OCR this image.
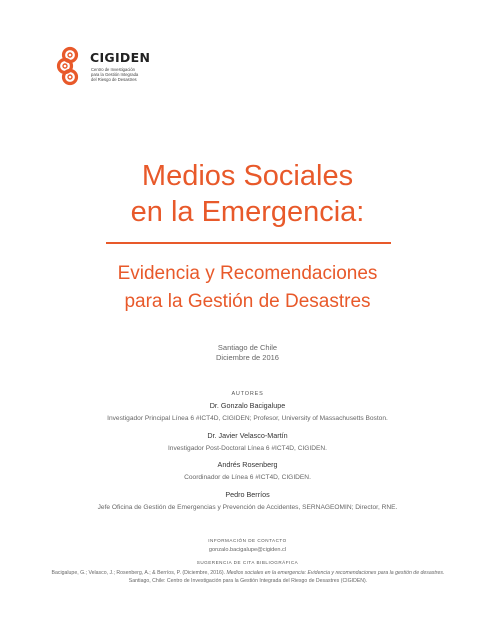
CIGIDEN
Centro de Investigación
para la Gestión Integrada
del Riesgo de Desastres
Medios Sociales
en la Emergencia:
Evidencia y Recomendaciones
para la Gestión de Desastres
Santiago de Chile
Diciembre de 2016
AUTORES
Dr. Gonzalo Bacigalupe
Investigador Principal Línea 6 #ICT4D, CIGIDEN; Profesor, University of Massachusetts Boston.
Dr. Javier Velasco-Martín
Investigador Post-Doctoral Línea 6 #ICT4D, CIGIDEN.
Andrés Rosenberg
Coordinador de Línea 6 #ICT4D, CIGIDEN.
Pedro Berríos
Jefe Oficina de Gestión de Emergencias y Prevención de Accidentes, SERNAGEOMIN; Director, RNE.
INFORMACIÓN DE CONTACTO
gonzalo.bacigalupe@cigiden.cl
SUGERENCIA DE CITA BIBLIOGRÁFICA
Bacigalupe, G.; Velasco, J.; Rosenberg, A.; & Berríos, P. (Diciembre, 2016). Medios sociales en la emergencia: Evidencia y recomendaciones para la gestión de desastres. Santiago, Chile: Centro de Investigación para la Gestión Integrada del Riesgo de Desastres (CIGIDEN).
